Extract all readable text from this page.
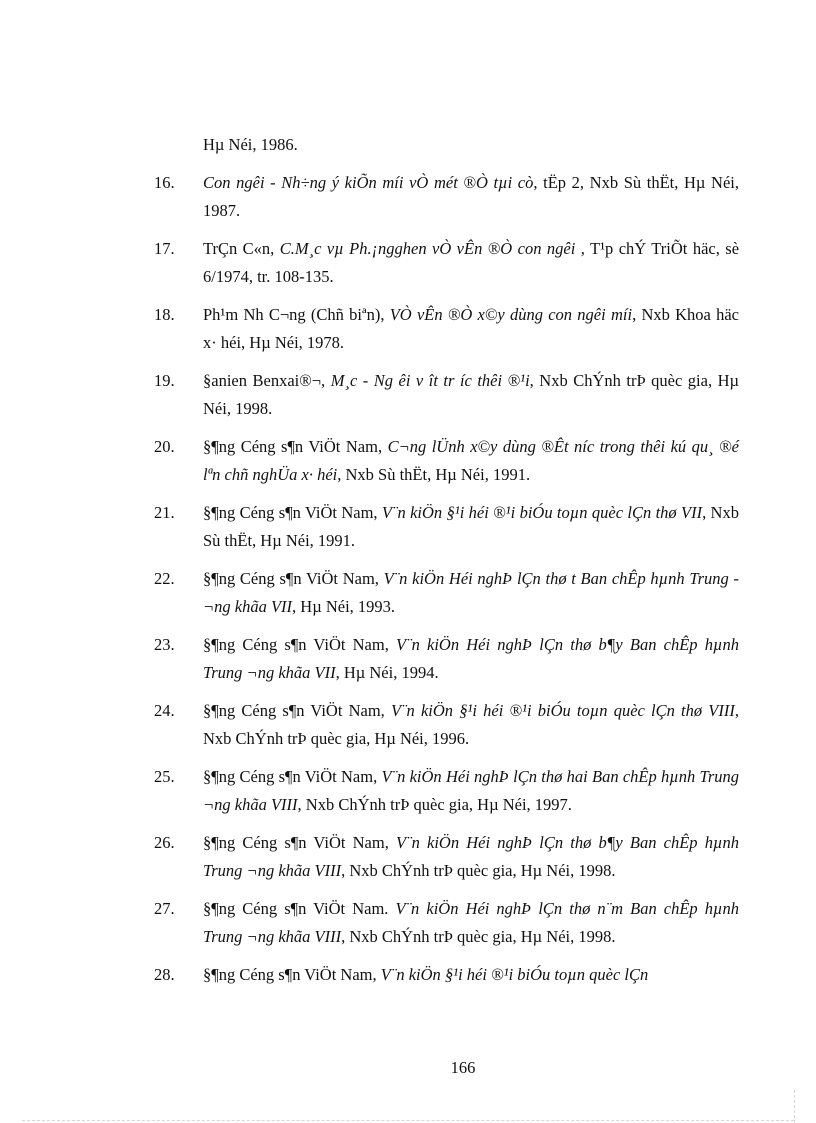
Hµ Néi, 1986.
16. Con ngêi - Nh÷ng ý kiÕn míi vÒ mét ®Ò tµi cò, tËp 2, Nxb Sù thËt, Hµ Néi, 1987.
17. TrÇn C«n, C.M¸c vµ Ph.¡ngghen vÒ vÊn ®Ò con ngêi , T¹p chÝ TriÕt häc, sè 6/1974, tr. 108-135.
18. Ph¹m Nh C¬ng (Chñ biªn), VÒ vÊn ®Ò x©y dùng con ngêi míi, Nxb Khoa häc x· héi, Hµ Néi, 1978.
19. §anien Benxai®¬, M¸c - Ng êi v ît tr íc thêi ®¹i, Nxb ChÝnh trÞ quèc gia, Hµ Néi, 1998.
20. §¶ng Céng s¶n ViÖt Nam, C¬ng lÜnh x©y dùng ®Êt níc trong thêi kú qu¸ ®é lªn chñ nghÜa x· héi, Nxb Sù thËt, Hµ Néi, 1991.
21. §¶ng Céng s¶n ViÖt Nam, V¨n kiÖn §¹i héi ®¹i biÓu toµn quèc lÇn thø VII, Nxb Sù thËt, Hµ Néi, 1991.
22. §¶ng Céng s¶n ViÖt Nam, V¨n kiÖn Héi nghÞ lÇn thø t Ban chÊp hµnh Trung ¬ng khãa VII, Hµ Néi, 1993.
23. §¶ng Céng s¶n ViÖt Nam, V¨n kiÖn Héi nghÞ lÇn thø b¶y Ban chÊp hµnh Trung ¬ng khãa VII, Hµ Néi, 1994.
24. §¶ng Céng s¶n ViÖt Nam, V¨n kiÖn §¹i héi ®¹i biÓu toµn quèc lÇn thø VIII, Nxb ChÝnh trÞ quèc gia, Hµ Néi, 1996.
25. §¶ng Céng s¶n ViÖt Nam, V¨n kiÖn Héi nghÞ lÇn thø hai Ban chÊp hµnh Trung ¬ng khãa VIII, Nxb ChÝnh trÞ quèc gia, Hµ Néi, 1997.
26. §¶ng Céng s¶n ViÖt Nam, V¨n kiÖn Héi nghÞ lÇn thø b¶y Ban chÊp hµnh Trung ¬ng khãa VIII, Nxb ChÝnh trÞ quèc gia, Hµ Néi, 1998.
27. §¶ng Céng s¶n ViÖt Nam. V¨n kiÖn Héi nghÞ lÇn thø n¨m Ban chÊp hµnh Trung ¬ng khãa VIII, Nxb ChÝnh trÞ quèc gia, Hµ Néi, 1998.
28. §¶ng Céng s¶n ViÖt Nam, V¨n kiÖn §¹i héi ®¹i biÓu toµn quèc lÇn
166
